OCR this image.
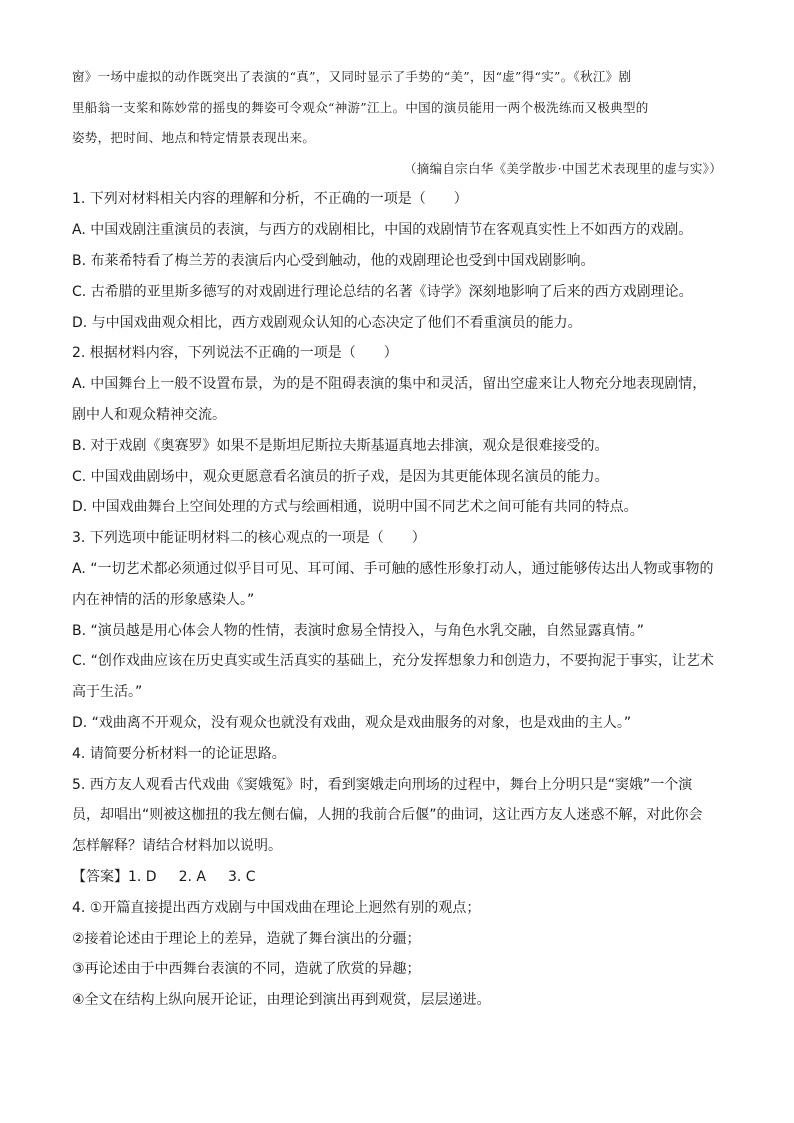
窗》一场中虚拟的动作既突出了表演的“真”，又同时显示了手势的“美”，因“虚”得“实”。《秋江》剧
里船翁一支桨和陈妙常的摇曳的舞姿可令观众“神游”江上。中国的演员能用一两个极洗练而又极典型的
姿势，把时间、地点和特定情景表现出来。
（摘编自宗白华《美学散步·中国艺术表现里的虚与实》）
1. 下列对材料相关内容的理解和分析，不正确的一项是（　　）
A. 中国戏剧注重演员的表演，与西方的戏剧相比，中国的戏剧情节在客观真实性上不如西方的戏剧。
B. 布莱希特看了梅兰芳的表演后内心受到触动，他的戏剧理论也受到中国戏剧影响。
C. 古希腊的亚里斯多德写的对戏剧进行理论总结的名著《诗学》深刻地影响了后来的西方戏剧理论。
D. 与中国戏曲观众相比，西方戏剧观众认知的心态决定了他们不看重演员的能力。
2. 根据材料内容，下列说法不正确的一项是（　　）
A. 中国舞台上一般不设置布景，为的是不阻碍表演的集中和灵活，留出空虚来让人物充分地表现剧情，
剧中人和观众精神交流。
B. 对于戏剧《奥赛罗》如果不是斯坦尼斯拉夫斯基逼真地去排演，观众是很难接受的。
C. 中国戏曲剧场中，观众更愿意看名演员的折子戏，是因为其更能体现名演员的能力。
D. 中国戏曲舞台上空间处理的方式与绘画相通，说明中国不同艺术之间可能有共同的特点。
3. 下列选项中能证明材料二的核心观点的一项是（　　）
A. “一切艺术都必须通过似乎目可见、耳可闻、手可触的感性形象打动人，通过能够传达出人物或事物的
内在神情的活的形象感染人。”
B. “演员越是用心体会人物的性情，表演时愈易全情投入，与角色水乳交融，自然显露真情。”
C. “创作戏曲应该在历史真实或生活真实的基础上，充分发挥想象力和创造力，不要拘泥于事实，让艺术
高于生活。”
D. “戏曲离不开观众，没有观众也就没有戏曲，观众是戏曲服务的对象，也是戏曲的主人。”
4. 请简要分析材料一的论证思路。
5. 西方友人观看古代戏曲《窦娥冤》时，看到窦娥走向刑场的过程中，舞台上分明只是“窦娥”一个演
员，却唱出“则被这枷扭的我左侧右偏，人拥的我前合后偃”的曲词，这让西方友人迷惑不解，对此你会
怎样解释？请结合材料加以说明。
【答案】1. D 2. A 3. C
4. ①开篇直接提出西方戏剧与中国戏曲在理论上迥然有别的观点；
②接着论述由于理论上的差异，造就了舞台演出的分疆；
③再论述由于中西舞台表演的不同，造就了欣赏的异趣；
④全文在结构上纵向展开论证，由理论到演出再到观赏，层层递进。
